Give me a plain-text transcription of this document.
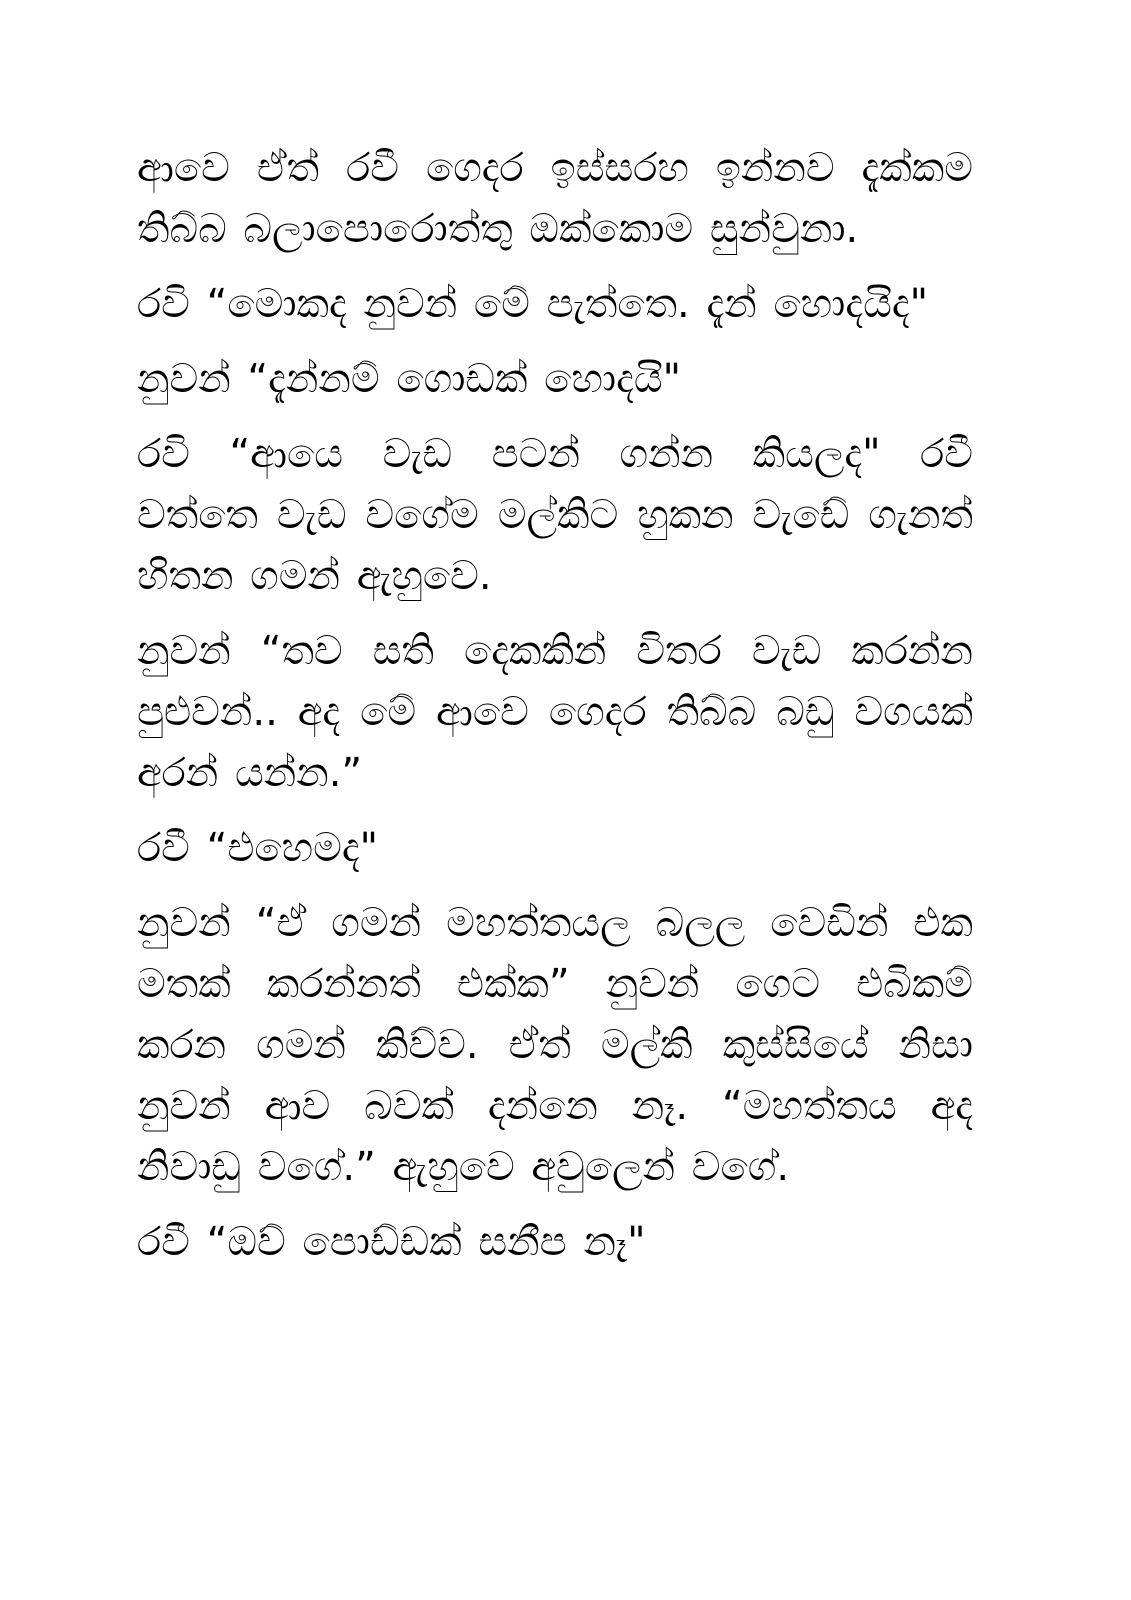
ආවෙ ඒත් රවී ගෙදර ඉස්සරහ ඉන්නව දැක්කම තිබ්බ බලාපොරොත්තු ඔක්කොම සුන්වුනා.

රවි “මොකද නුවන් මේ පැත්තෙ. දැන් හොදයිද"

නුවන් “දැන්නම් ගොඩක් හොදයි"

රවි “ආයෙ වැඩ පටන් ගන්න කියලද" රවී වත්තෙ වැඩ වගේම මල්කිට හුකන වැඩේ ගැනත් හිතන ගමන් ඇහුවෙ.

නුවන් “තව සති දෙකකින් විතර වැඩ කරන්න පුළුවන්.. අද මේ ආවෙ ගෙදර තිබ්බ බඩු වගයක් අරන් යන්න.”

රවී “එහෙමද"

නුවන් “ඒ ගමන් මහත්තයල බලල වෙඩින් එක මතක් කරන්නත් එක්ක” නුවන් ගෙට එබිකම් කරන ගමන් කිව්ව. ඒත් මල්කි කුස්සියේ නිසා නුවන් ආව බවක් දන්නෙ නෑ. “මහත්තය අද නිවාඩු වගේ.” ඇහුවෙ අවුලෙන් වගේ.

රවී “ඔව් පොඩ්ඩක් සනීප නෑ"
